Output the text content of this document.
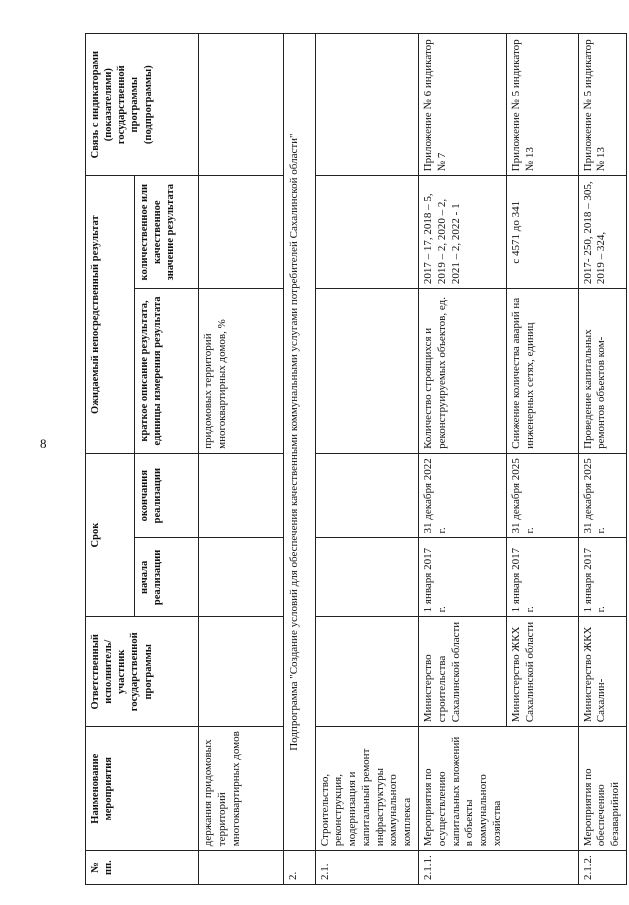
8
№ пп.	Наименование мероприятия	Ответственный исполнитель/участник государственной программы	Срок		Ожидаемый непосредственный результат		Связь с индикаторами (показателями) государственной программы (подпрограммы)
			начала реализации	окончания реализации	краткое описание результата, единицы измерения результата	количественное или качественное значение результата	
	держания придомовых территорий многоквартирных домов				придомовых территорий многоквартирных домов, %		
2.	Подпрограмма "Создание условий для обеспечения качественными коммунальными услугами потребителей Сахалинской области"						
2.1.	Строительство, реконструкция, модернизация и капитальный ремонт инфраструктуры коммунального комплекса						
2.1.1.	Мероприятия по осуществлению капитальных вложений в объекты коммунального хозяйства	Министерство строительства Сахалинской области	1 января 2017 г.	31 декабря 2022 г.	Количество строящихся и реконструируемых объектов, ед.	2017 – 17, 2018 – 5, 2019 – 2, 2020 – 2, 2021 – 2, 2022 - 1	Приложение № 6 индикатор № 7
		Министерство ЖКХ Сахалинской области	1 января 2017 г.	31 декабря 2025 г.	Снижение количества аварий на инженерных сетях, единиц	с 4571 до 341	Приложение № 5 индикатор № 13
2.1.2.	Мероприятия по обеспечению безаварийной	Министерство ЖКХ Сахалин-	1 января 2017 г.	31 декабря 2025 г.	Проведение капитальных ремонтов объектов ком-	2017- 250, 2018 – 305, 2019 – 324,	Приложение № 5 индикатор № 13
